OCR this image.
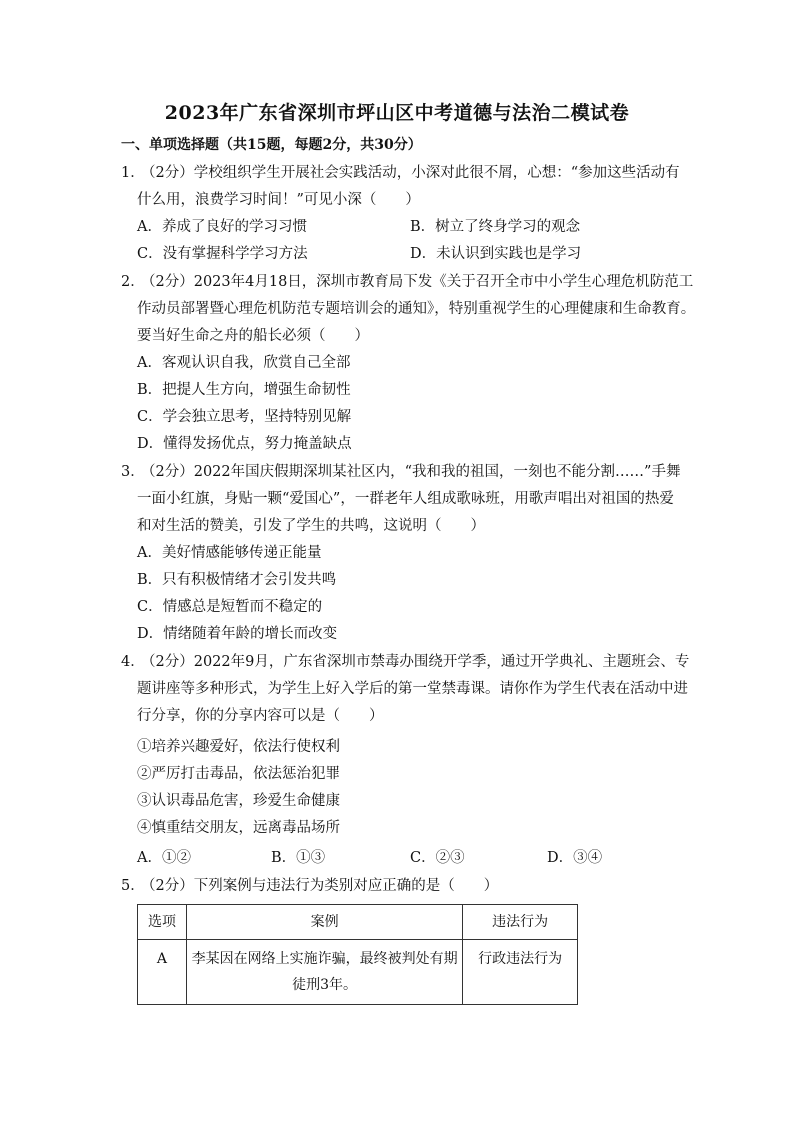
2023年广东省深圳市坪山区中考道德与法治二模试卷
一、单项选择题（共15题，每题2分，共30分）
1．
（2分）学校组织学生开展社会实践活动，小深对此很不屑，心想：“参加这些活动有
什么用，浪费学习时间！”可见小深（　　）
A．养成了良好的学习习惯	B．树立了终身学习的观念
C．没有掌握科学学习方法	D．未认识到实践也是学习
2．
（2分）2023年4月18日，深圳市教育局下发《关于召开全市中小学生心理危机防范工
作动员部署暨心理危机防范专题培训会的通知》，特别重视学生的心理健康和生命教育。
要当好生命之舟的船长必须（　　）
A．客观认识自我，欣赏自己全部
B．把提人生方向，增强生命韧性
C．学会独立思考，坚持特别见解
D．懂得发扬优点，努力掩盖缺点
3．
（2分）2022年国庆假期深圳某社区内，“我和我的祖国，一刻也不能分割……”手舞
一面小红旗，身贴一颗“爱国心”，一群老年人组成歌咏班，用歌声唱出对祖国的热爱
和对生活的赞美，引发了学生的共鸣，这说明（　　）
A．美好情感能够传递正能量
B．只有积极情绪才会引发共鸣
C．情感总是短暂而不稳定的
D．情绪随着年龄的增长而改变
4．
（2分）2022年9月，广东省深圳市禁毒办围绕开学季，通过开学典礼、主题班会、专
题讲座等多种形式，为学生上好入学后的第一堂禁毒课。请你作为学生代表在活动中进
行分享，你的分享内容可以是（　　）
①培养兴趣爱好，依法行使权利
②严厉打击毒品，依法惩治犯罪
③认识毒品危害，珍爱生命健康
④慎重结交朋友，远离毒品场所
A．①②	B．①③	C．②③	D．③④
5．
（2分）下列案例与违法行为类别对应正确的是（　　）
选项	案例	违法行为
A	李某因在网络上实施诈骗，最终被判处有期徒刑3年。	行政违法行为
